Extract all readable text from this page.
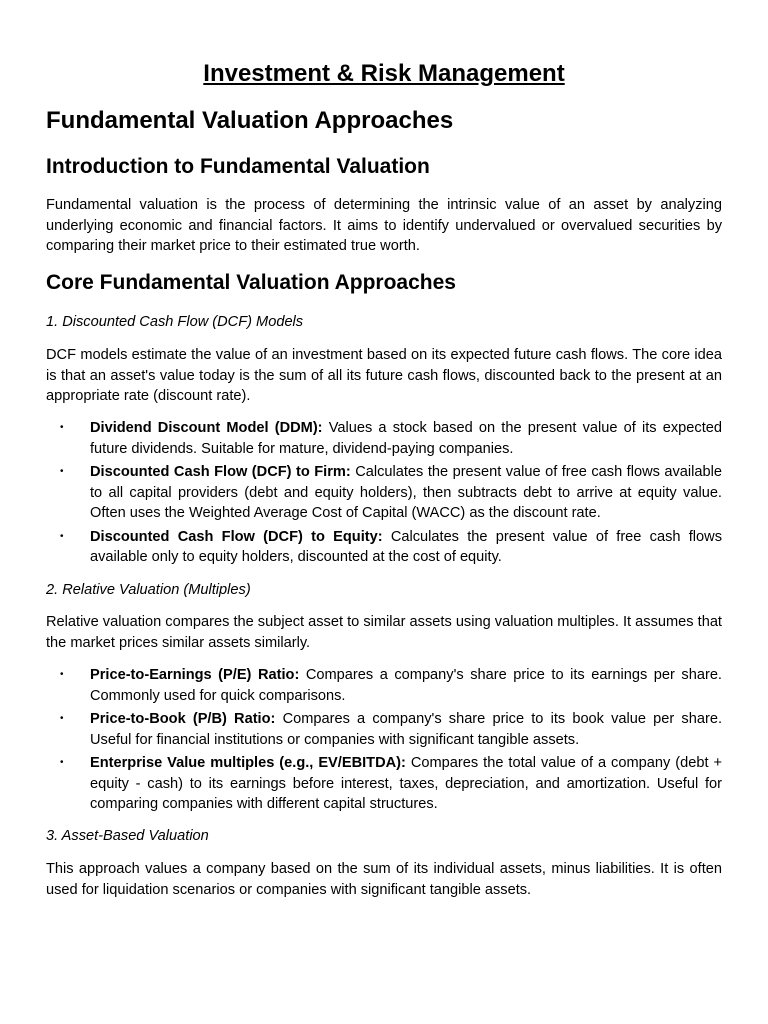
Investment & Risk Management
Fundamental Valuation Approaches
Introduction to Fundamental Valuation

Fundamental valuation is the process of determining the intrinsic value of an asset by analyzing underlying economic and financial factors. It aims to identify undervalued or overvalued securities by comparing their market price to their estimated true worth.

Core Fundamental Valuation Approaches
1. Discounted Cash Flow (DCF) Models

DCF models estimate the value of an investment based on its expected future cash flows. The core idea is that an asset's value today is the sum of all its future cash flows, discounted back to the present at an appropriate rate (discount rate).

• Dividend Discount Model (DDM): Values a stock based on the present value of its expected future dividends. Suitable for mature, dividend-paying companies.
• Discounted Cash Flow (DCF) to Firm: Calculates the present value of free cash flows available to all capital providers (debt and equity holders), then subtracts debt to arrive at equity value. Often uses the Weighted Average Cost of Capital (WACC) as the discount rate.
• Discounted Cash Flow (DCF) to Equity: Calculates the present value of free cash flows available only to equity holders, discounted at the cost of equity.
2. Relative Valuation (Multiples)

Relative valuation compares the subject asset to similar assets using valuation multiples. It assumes that the market prices similar assets similarly.

• Price-to-Earnings (P/E) Ratio: Compares a company's share price to its earnings per share. Commonly used for quick comparisons.
• Price-to-Book (P/B) Ratio: Compares a company's share price to its book value per share. Useful for financial institutions or companies with significant tangible assets.
• Enterprise Value multiples (e.g., EV/EBITDA): Compares the total value of a company (debt + equity - cash) to its earnings before interest, taxes, depreciation, and amortization. Useful for comparing companies with different capital structures.
3. Asset-Based Valuation

This approach values a company based on the sum of its individual assets, minus liabilities. It is often used for liquidation scenarios or companies with significant tangible assets.
